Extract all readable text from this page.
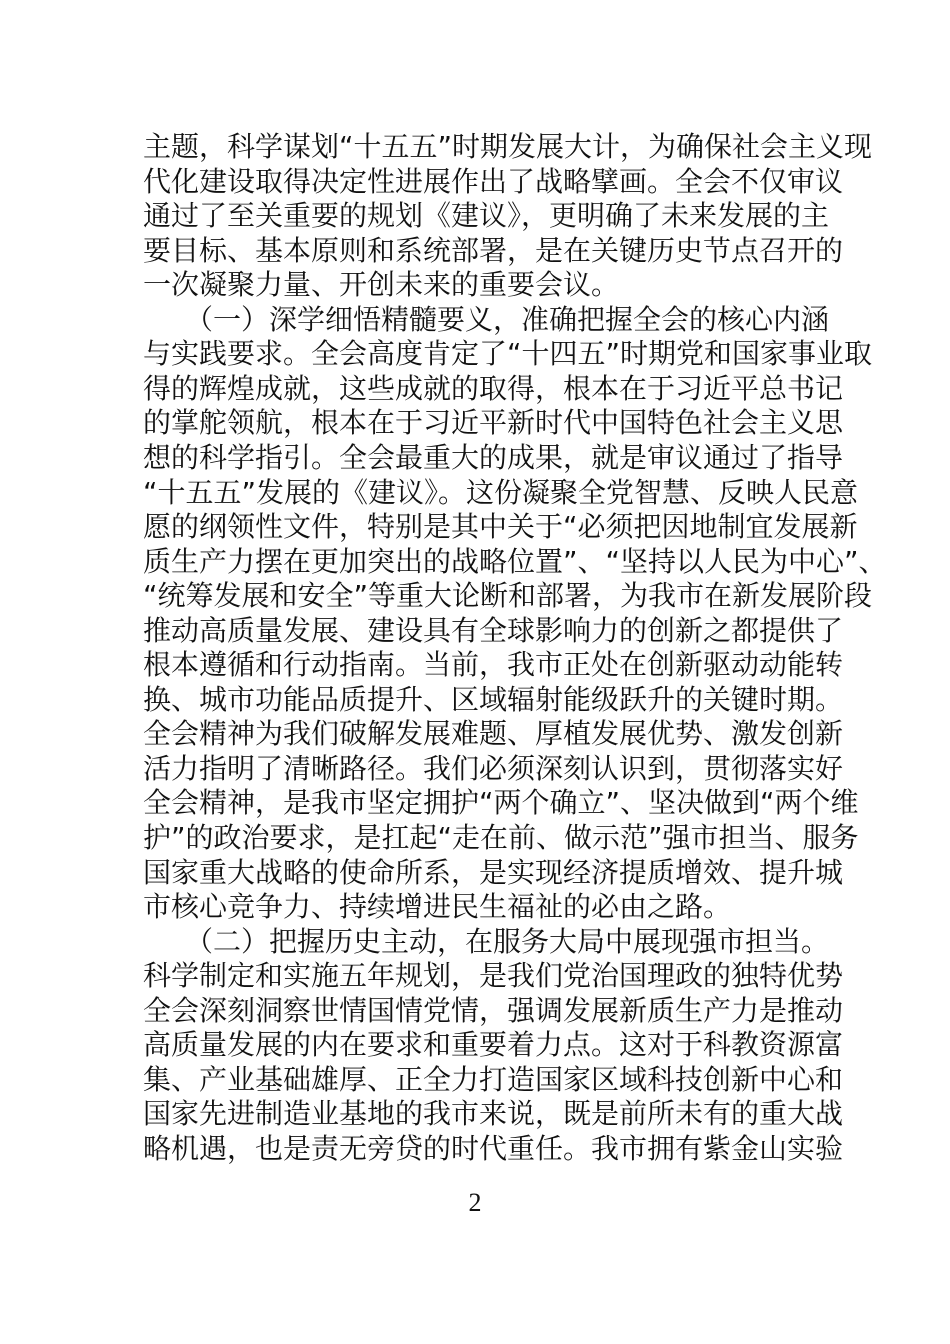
主题，科学谋划“十五五”时期发展大计，为确保社会主义现
代化建设取得决定性进展作出了战略擘画。全会不仅审议
通过了至关重要的规划《建议》，更明确了未来发展的主
要目标、基本原则和系统部署，是在关键历史节点召开的
一次凝聚力量、开创未来的重要会议。
（一）深学细悟精髓要义，准确把握全会的核心内涵
与实践要求。全会高度肯定了“十四五”时期党和国家事业取
得的辉煌成就，这些成就的取得，根本在于习近平总书记
的掌舵领航，根本在于习近平新时代中国特色社会主义思
想的科学指引。全会最重大的成果，就是审议通过了指导
“十五五”发展的《建议》。这份凝聚全党智慧、反映人民意
愿的纲领性文件，特别是其中关于“必须把因地制宜发展新
质生产力摆在更加突出的战略位置”、“坚持以人民为中心”、
“统筹发展和安全”等重大论断和部署，为我市在新发展阶段
推动高质量发展、建设具有全球影响力的创新之都提供了
根本遵循和行动指南。当前，我市正处在创新驱动动能转
换、城市功能品质提升、区域辐射能级跃升的关键时期。
全会精神为我们破解发展难题、厚植发展优势、激发创新
活力指明了清晰路径。我们必须深刻认识到，贯彻落实好
全会精神，是我市坚定拥护“两个确立”、坚决做到“两个维
护”的政治要求，是扛起“走在前、做示范”强市担当、服务
国家重大战略的使命所系，是实现经济提质增效、提升城
市核心竞争力、持续增进民生福祉的必由之路。
（二）把握历史主动，在服务大局中展现强市担当。
科学制定和实施五年规划，是我们党治国理政的独特优势
全会深刻洞察世情国情党情，强调发展新质生产力是推动
高质量发展的内在要求和重要着力点。这对于科教资源富
集、产业基础雄厚、正全力打造国家区域科技创新中心和
国家先进制造业基地的我市来说，既是前所未有的重大战
略机遇，也是责无旁贷的时代重任。我市拥有紫金山实验
2
